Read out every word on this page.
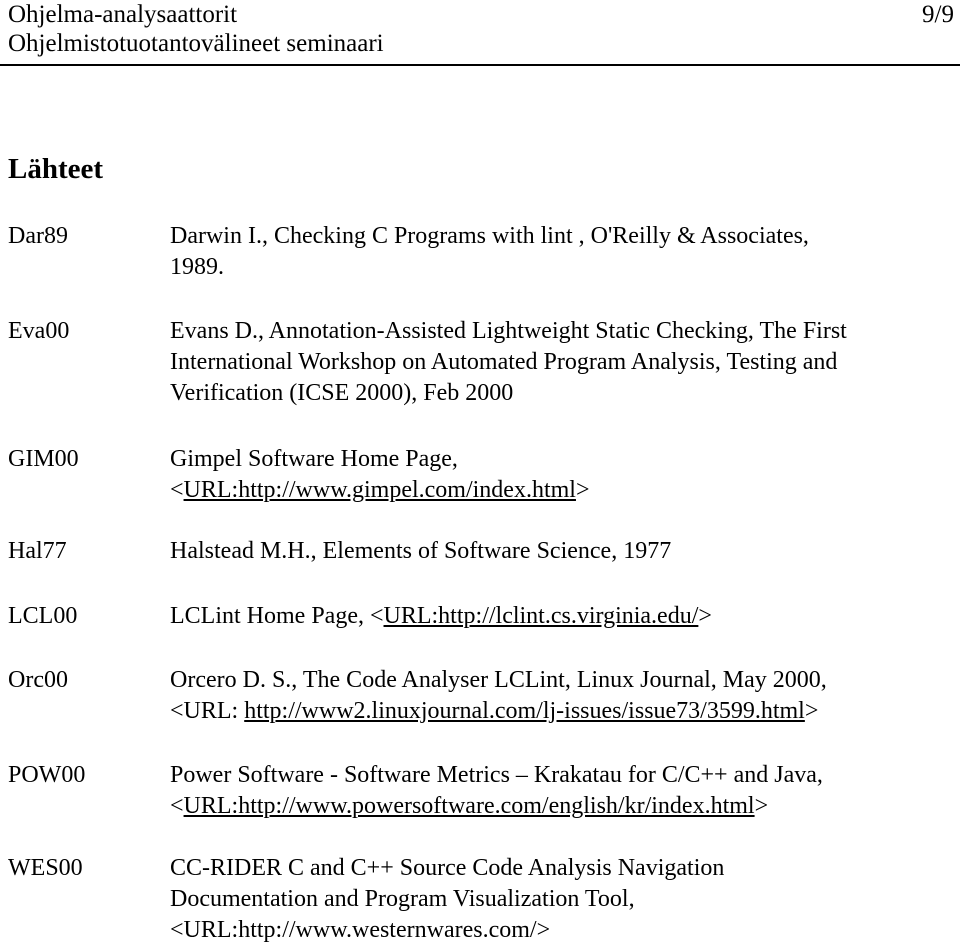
Ohjelma-analysaattorit
Ohjelmistotuotantovälineet seminaari
9/9
Lähteet
Dar89	Darwin I., Checking C Programs with lint , O'Reilly & Associates,
1989.
Eva00	Evans D., Annotation-Assisted Lightweight Static Checking, The First
International Workshop on Automated Program Analysis, Testing and
Verification (ICSE 2000), Feb 2000
GIM00	Gimpel Software Home Page,
<URL:http://www.gimpel.com/index.html>
Hal77	Halstead M.H., Elements of Software Science, 1977
LCL00	LCLint Home Page, <URL:http://lclint.cs.virginia.edu/>
Orc00	Orcero D. S., The Code Analyser LCLint, Linux Journal, May 2000,
<URL: http://www2.linuxjournal.com/lj-issues/issue73/3599.html>
POW00	Power Software - Software Metrics – Krakatau for C/C++ and Java,
<URL:http://www.powersoftware.com/english/kr/index.html>
WES00	CC-RIDER C and C++ Source Code Analysis Navigation
Documentation and Program Visualization Tool,
<URL:http://www.westernwares.com/>
